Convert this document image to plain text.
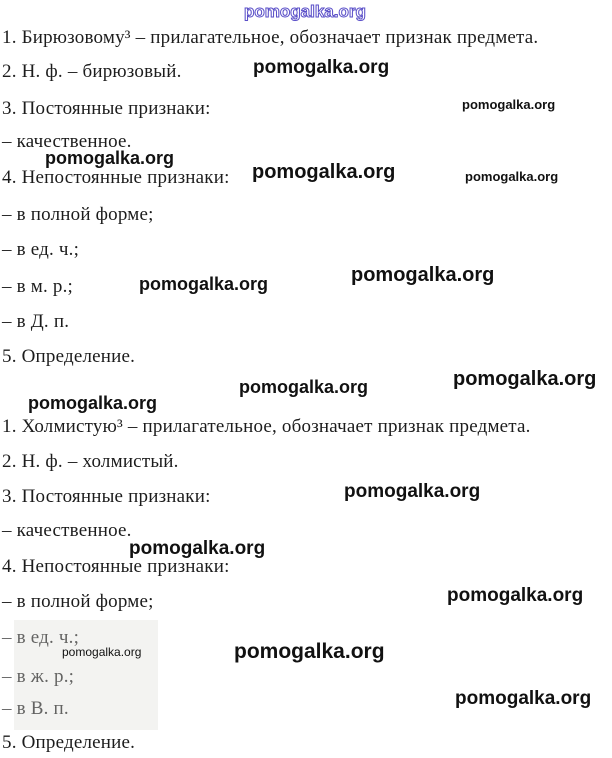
1. Бирюзовому³ – прилагательное, обозначает признак предмета.
2. Н. ф. – бирюзовый.
3. Постоянные признаки:
– качественное.
4. Непостоянные признаки:
– в полной форме;
– в ед. ч.;
– в м. р.;
– в Д. п.
5. Определение.
1. Холмистую³ – прилагательное, обозначает признак предмета.
2. Н. ф. – холмистый.
3. Постоянные признаки:
– качественное.
4. Непостоянные признаки:
– в полной форме;
– в ед. ч.;
– в ж. р.;
– в В. п.
5. Определение.
pomogalka.org
pomogalka.org
pomogalka.org
pomogalka.org
pomogalka.org	pomogalka.org
pomogalka.org	pomogalka.org
pomogalka.org	pomogalka.org
pomogalka.org
pomogalka.org
pomogalka.org
pomogalka.org
pomogalka.org	pomogalka.org
pomogalka.org
